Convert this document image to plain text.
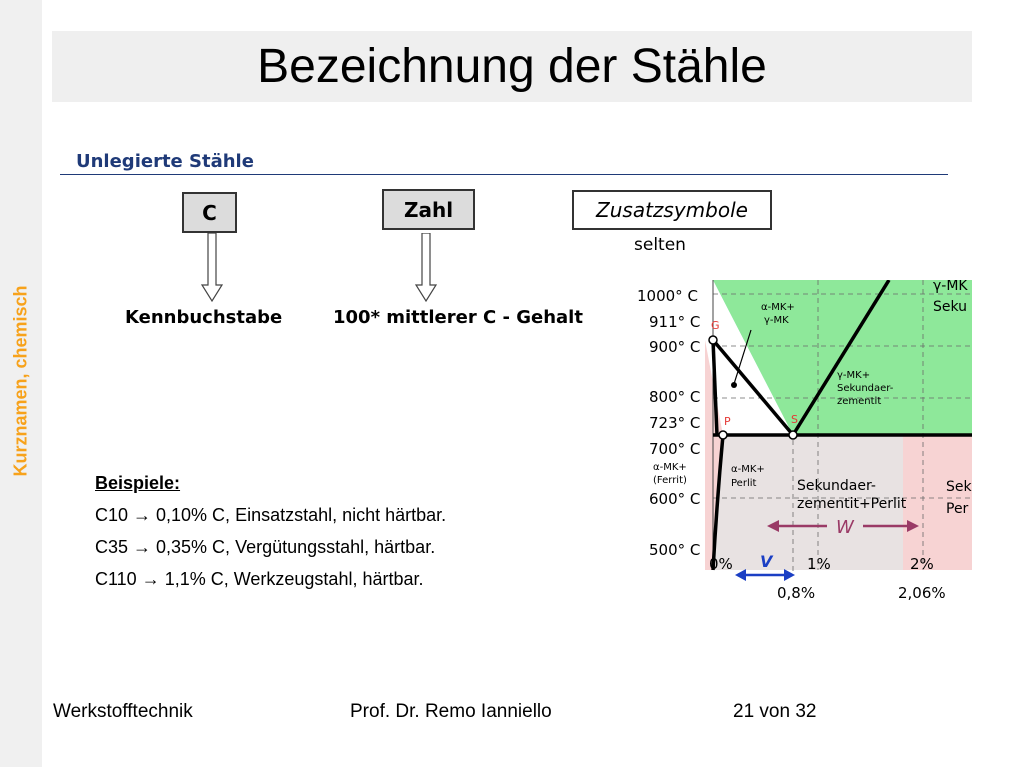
Kurznamen, chemisch
Bezeichnung der Stähle
Unlegierte Stähle
C	Zahl	Zusatzsymbole
selten
Kennbuchstabe	100* mittlerer C - Gehalt
Beispiele:
C10 → 0,10% C, Einsatzstahl, nicht härtbar.
C35 → 0,35% C, Vergütungsstahl, härtbar.
C110 → 1,1% C, Werkzeugstahl, härtbar.
G
P	S
1000° C
911° C
900° C
800° C
723° C
700° C
600° C
500° C
α-MK+
γ-MK
γ-MK+
Sekundaer-
zementit
α-MK+
(Ferrit)
α-MK+
Perlit
γ-MK
Seku
Sekundaer-
zementit+Perlit
Sek
Per
W
0%	1%	2%
0,8%	2,06%
V
Werkstofftechnik	Prof. Dr. Remo Ianniello	21 von 32
